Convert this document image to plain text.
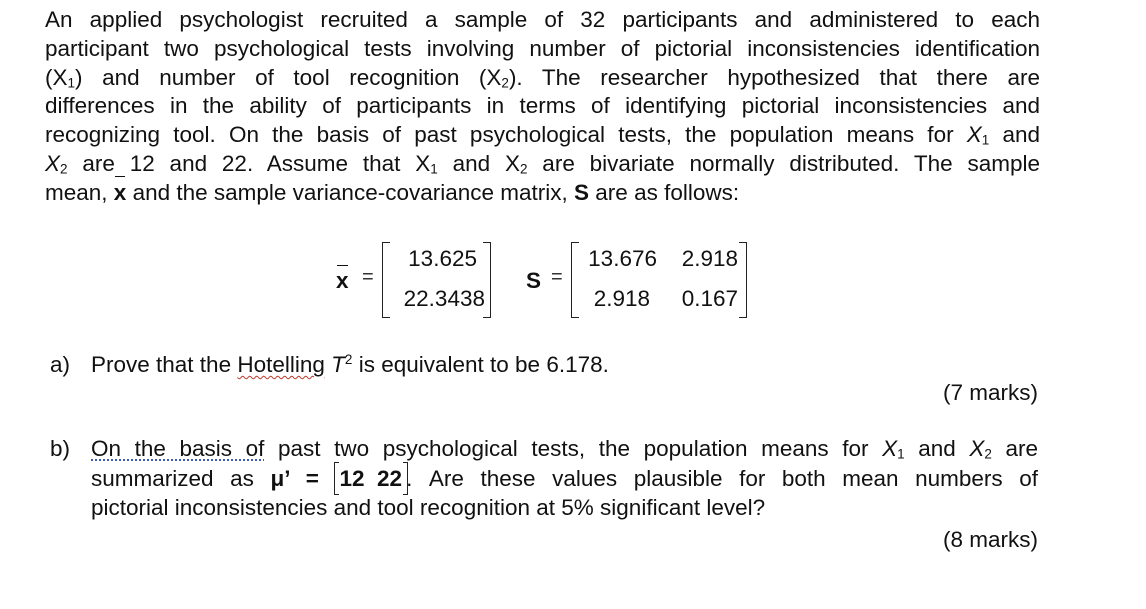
An applied psychologist recruited a sample of 32 participants and administered to each
participant two psychological tests involving number of pictorial inconsistencies identification
$(X_1)$ and number of tool recognition $(X_2)$. The researcher hypothesized that there are
differences in the ability of participants in terms of identifying pictorial inconsistencies and
recognizing tool. On the basis of past psychological tests, the population means for $X_1$ and
$X_2$ are 12 and 22. Assume that $X_1$ and $X_2$ are bivariate normally distributed. The sample
mean, x and the sample variance-covariance matrix, S are as follows:
x =
13.625
22.3438
S =
13.676	2.918
2.918	0.167
a) Prove that the Hotelling $T^2$ is equivalent to be 6.178.
(7 marks)
b) On the basis of past two psychological tests, the population means for $X_1$ and $X_2$ are
summarized as μ’ = 12 22 . Are these values plausible for both mean numbers of
pictorial inconsistencies and tool recognition at 5% significant level?
(8 marks)
